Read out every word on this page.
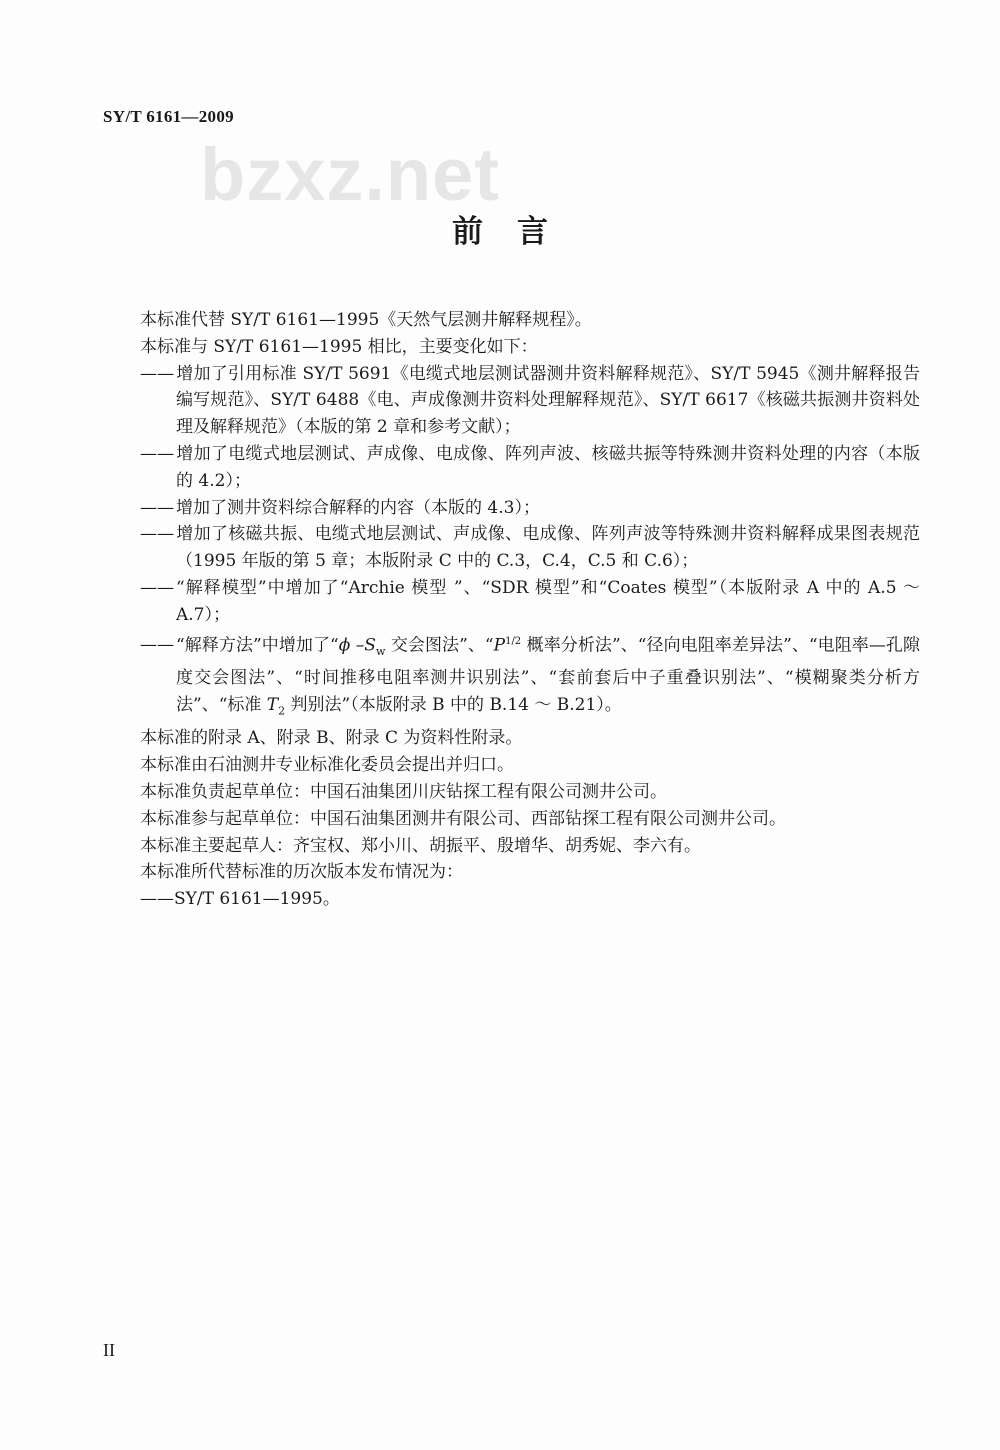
SY/T 6161—2009
bzxz.net
前言

本标准代替 SY/T 6161—1995《天然气层测井解释规程》。

本标准与 SY/T 6161—1995 相比，主要变化如下：

—— 增加了引用标准 SY/T 5691《电缆式地层测试器测井资料解释规范》、SY/T 5945《测井解释报告编写规范》、SY/T 6488《电、声成像测井资料处理解释规范》、SY/T 6617《核磁共振测井资料处理及解释规范》（本版的第 2 章和参考文献）；

—— 增加了电缆式地层测试、声成像、电成像、阵列声波、核磁共振等特殊测井资料处理的内容（本版的 4.2）；

—— 增加了测井资料综合解释的内容（本版的 4.3）；

—— 增加了核磁共振、电缆式地层测试、声成像、电成像、阵列声波等特殊测井资料解释成果图表规范（1995 年版的第 5 章；本版附录 C 中的 C.3，C.4，C.5 和 C.6）；

—— “解释模型”中增加了“Archie 模型 ”、“SDR 模型”和“Coates 模型”（本版附录 A 中的 A.5 ～ A.7）；

—— “解释方法”中增加了“ϕ $-S_w$ 交会图法”、“$P^{1/2}$ 概率分析法”、“径向电阻率差异法”、“电阻率—孔隙度交会图法”、“时间推移电阻率测井识别法”、“套前套后中子重叠识别法”、“模糊聚类分析方法”、“标准 $T_2$ 判别法”（本版附录 B 中的 B.14 ～ B.21）。

本标准的附录 A、附录 B、附录 C 为资料性附录。

本标准由石油测井专业标准化委员会提出并归口。

本标准负责起草单位：中国石油集团川庆钻探工程有限公司测井公司。

本标准参与起草单位：中国石油集团测井有限公司、西部钻探工程有限公司测井公司。

本标准主要起草人：齐宝权、郑小川、胡振平、殷增华、胡秀妮、李六有。

本标准所代替标准的历次版本发布情况为：

——SY/T 6161—1995。

II
